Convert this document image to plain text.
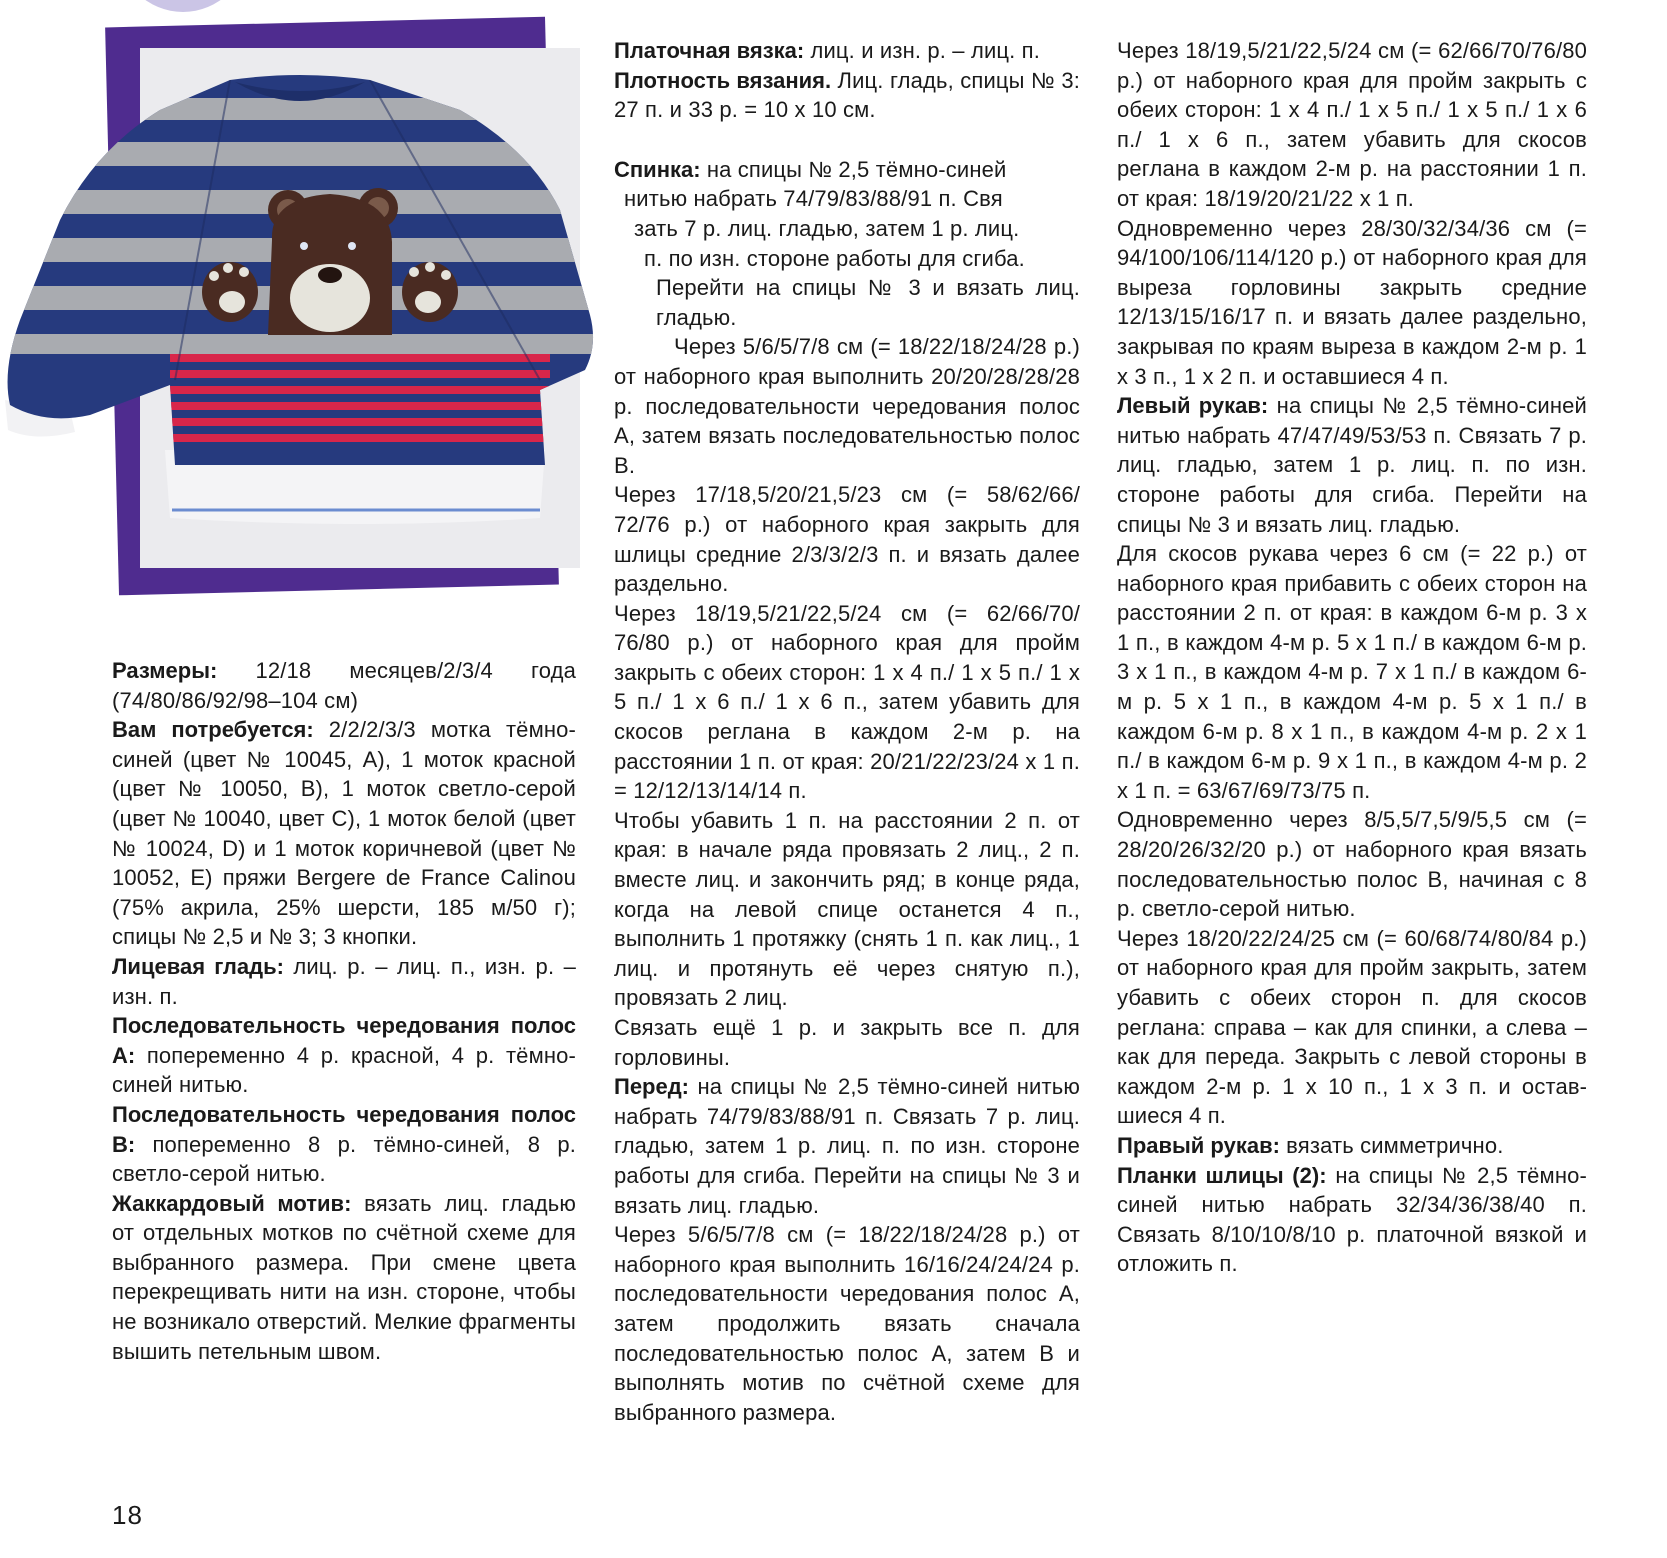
Размеры: 12/18 месяцев/2/3/4 года (74/80/86/92/98–104 см)

Вам потребуется: 2/2/2/3/3 мотка тёмно-синей (цвет № 10045, A), 1 моток красной (цвет № 10050, B), 1 моток светло-серой (цвет № 10040, цвет C), 1 моток белой (цвет № 10024, D) и 1 моток коричневой (цвет № 10052, E) пряжи Bergere de France Calinou (75% акрила, 25% шерсти, 185 м/50 г); спицы № 2,5 и № 3; 3 кнопки.

Лицевая гладь: лиц. р. – лиц. п., изн. р. – изн. п.

Последовательность чередования полос A: попеременно 4 р. красной, 4 р. тёмно-синей нитью.

Последовательность чередования полос B: попеременно 8 р. тёмно-синей, 8 р. светло-серой нитью.

Жаккардовый мотив: вязать лиц. гладью от отдельных мотков по счётной схеме для выбранного размера. При смене цвета перекрещивать нити на изн. стороне, чтобы не возникало отверстий. Мелкие фрагменты вышить петельным швом.

Платочная вязка: лиц. и изн. р. – лиц. п.

Плотность вязания. Лиц. гладь, спицы № 3: 27 п. и 33 р. = 10 х 10 см.

Спинка: на спицы № 2,5 тёмно-синей

нитью набрать 74/79/83/88/91 п. Свя

зать 7 р. лиц. гладью, затем 1 р. лиц.

п. по изн. стороне работы для сгиба.

Перейти на спицы № 3 и вязать лиц. гладью.

Через 5/6/5/7/8 см (= 18/22/18/24/28 р.) от наборного края выполнить 20/20/28/28/28 р. последовательности чередования полос A, затем вязать последовательностью полос B.

Через 17/18,5/20/21,5/23 см (= 58/62/66/ 72/76 р.) от наборного края закрыть для шлицы средние 2/3/3/2/3 п. и вязать далее раздельно.

Через 18/19,5/21/22,5/24 см (= 62/66/70/ 76/80 р.) от наборного края для пройм закрыть с обеих сторон: 1 х 4 п./ 1 х 5 п./ 1 х 5 п./ 1 х 6 п./ 1 х 6 п., затем убавить для скосов реглана в каждом 2-м р. на расстоянии 1 п. от края: 20/21/22/23/24 х 1 п. = 12/12/13/14/14 п.

Чтобы убавить 1 п. на расстоянии 2 п. от края: в начале ряда провязать 2 лиц., 2 п. вместе лиц. и закончить ряд; в конце ряда, когда на левой спице останется 4 п., выполнить 1 протяжку (снять 1 п. как лиц., 1 лиц. и протянуть её через снятую п.), провязать 2 лиц.

Связать ещё 1 р. и закрыть все п. для горловины.

Перед: на спицы № 2,5 тёмно-синей нитью набрать 74/79/83/88/91 п. Связать 7 р. лиц. гладью, затем 1 р. лиц. п. по изн. стороне работы для сгиба. Перейти на спицы № 3 и вязать лиц. гладью.

Через 5/6/5/7/8 см (= 18/22/18/24/28 р.) от наборного края выполнить 16/16/24/24/24 р. последовательности чередования полос A, затем продолжить вязать сначала последовательностью полос A, затем B и выполнять мотив по счётной схеме для выбранного размера.

Через 18/19,5/21/22,5/24 см (= 62/66/70/76/80 р.) от наборного края для пройм закрыть с обеих сторон: 1 х 4 п./ 1 х 5 п./ 1 х 5 п./ 1 х 6 п./ 1 х 6 п., затем убавить для скосов реглана в каждом 2-м р. на расстоянии 1 п. от края: 18/19/20/21/22 х 1 п.

Одновременно через 28/30/32/34/36 см (= 94/100/106/114/120 р.) от наборного края для выреза горловины закрыть средние 12/13/15/16/17 п. и вязать далее раздельно, закрывая по краям выреза в каждом 2-м р. 1 х 3 п., 1 х 2 п. и оставшиеся 4 п.

Левый рукав: на спицы № 2,5 тёмно-синей нитью набрать 47/47/49/53/53 п. Связать 7 р. лиц. гладью, затем 1 р. лиц. п. по изн. стороне работы для сгиба. Перейти на спицы № 3 и вязать лиц. гладью.

Для скосов рукава через 6 см (= 22 р.) от наборного края прибавить с обеих сторон на расстоянии 2 п. от края: в каждом 6-м р. 3 х 1 п., в каждом 4-м р. 5 х 1 п./ в каждом 6-м р. 3 х 1 п., в каждом 4-м р. 7 х 1 п./ в каждом 6-м р. 5 х 1 п., в каждом 4-м р. 5 х 1 п./ в каждом 6-м р. 8 х 1 п., в каждом 4-м р. 2 х 1 п./ в каждом 6-м р. 9 х 1 п., в каждом 4-м р. 2 х 1 п. = 63/67/69/73/75 п.

Одновременно через 8/5,5/7,5/9/5,5 см (= 28/20/26/32/20 р.) от наборного края вязать последовательностью полос B, начиная с 8 р. светло-серой нитью.

Через 18/20/22/24/25 см (= 60/68/74/80/84 р.) от наборного края для пройм закрыть, затем убавить с обеих сторон п. для скосов реглана: справа – как для спинки, а слева – как для переда. Закрыть с левой стороны в каждом 2-м р. 1 х 10 п., 1 х 3 п. и оставшиеся 4 п.

Правый рукав: вязать симметрично.

Планки шлицы (2): на спицы № 2,5 тёмно-синей нитью набрать 32/34/36/38/40 п. Связать 8/10/10/8/10 р. платочной вязкой и отложить п.

18
